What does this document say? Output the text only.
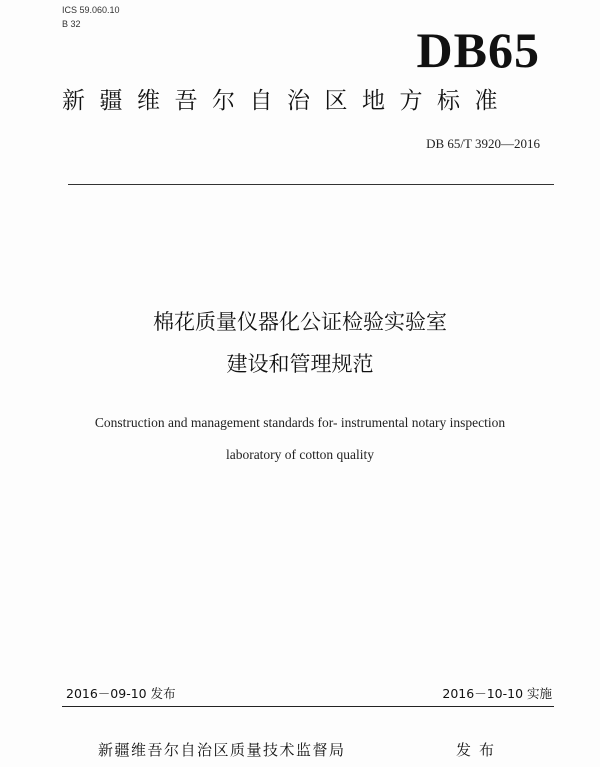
ICS 59.060.10
B 32	DB65
新疆维吾尔自治区地方标准
DB 65/T 3920—2016
棉花质量仪器化公证检验实验室
建设和管理规范
Construction and management standards for- instrumental notary inspection
laboratory of cotton quality
2016－09-10 发布	2016－10-10 实施
新疆维吾尔自治区质量技术监督局	发布
